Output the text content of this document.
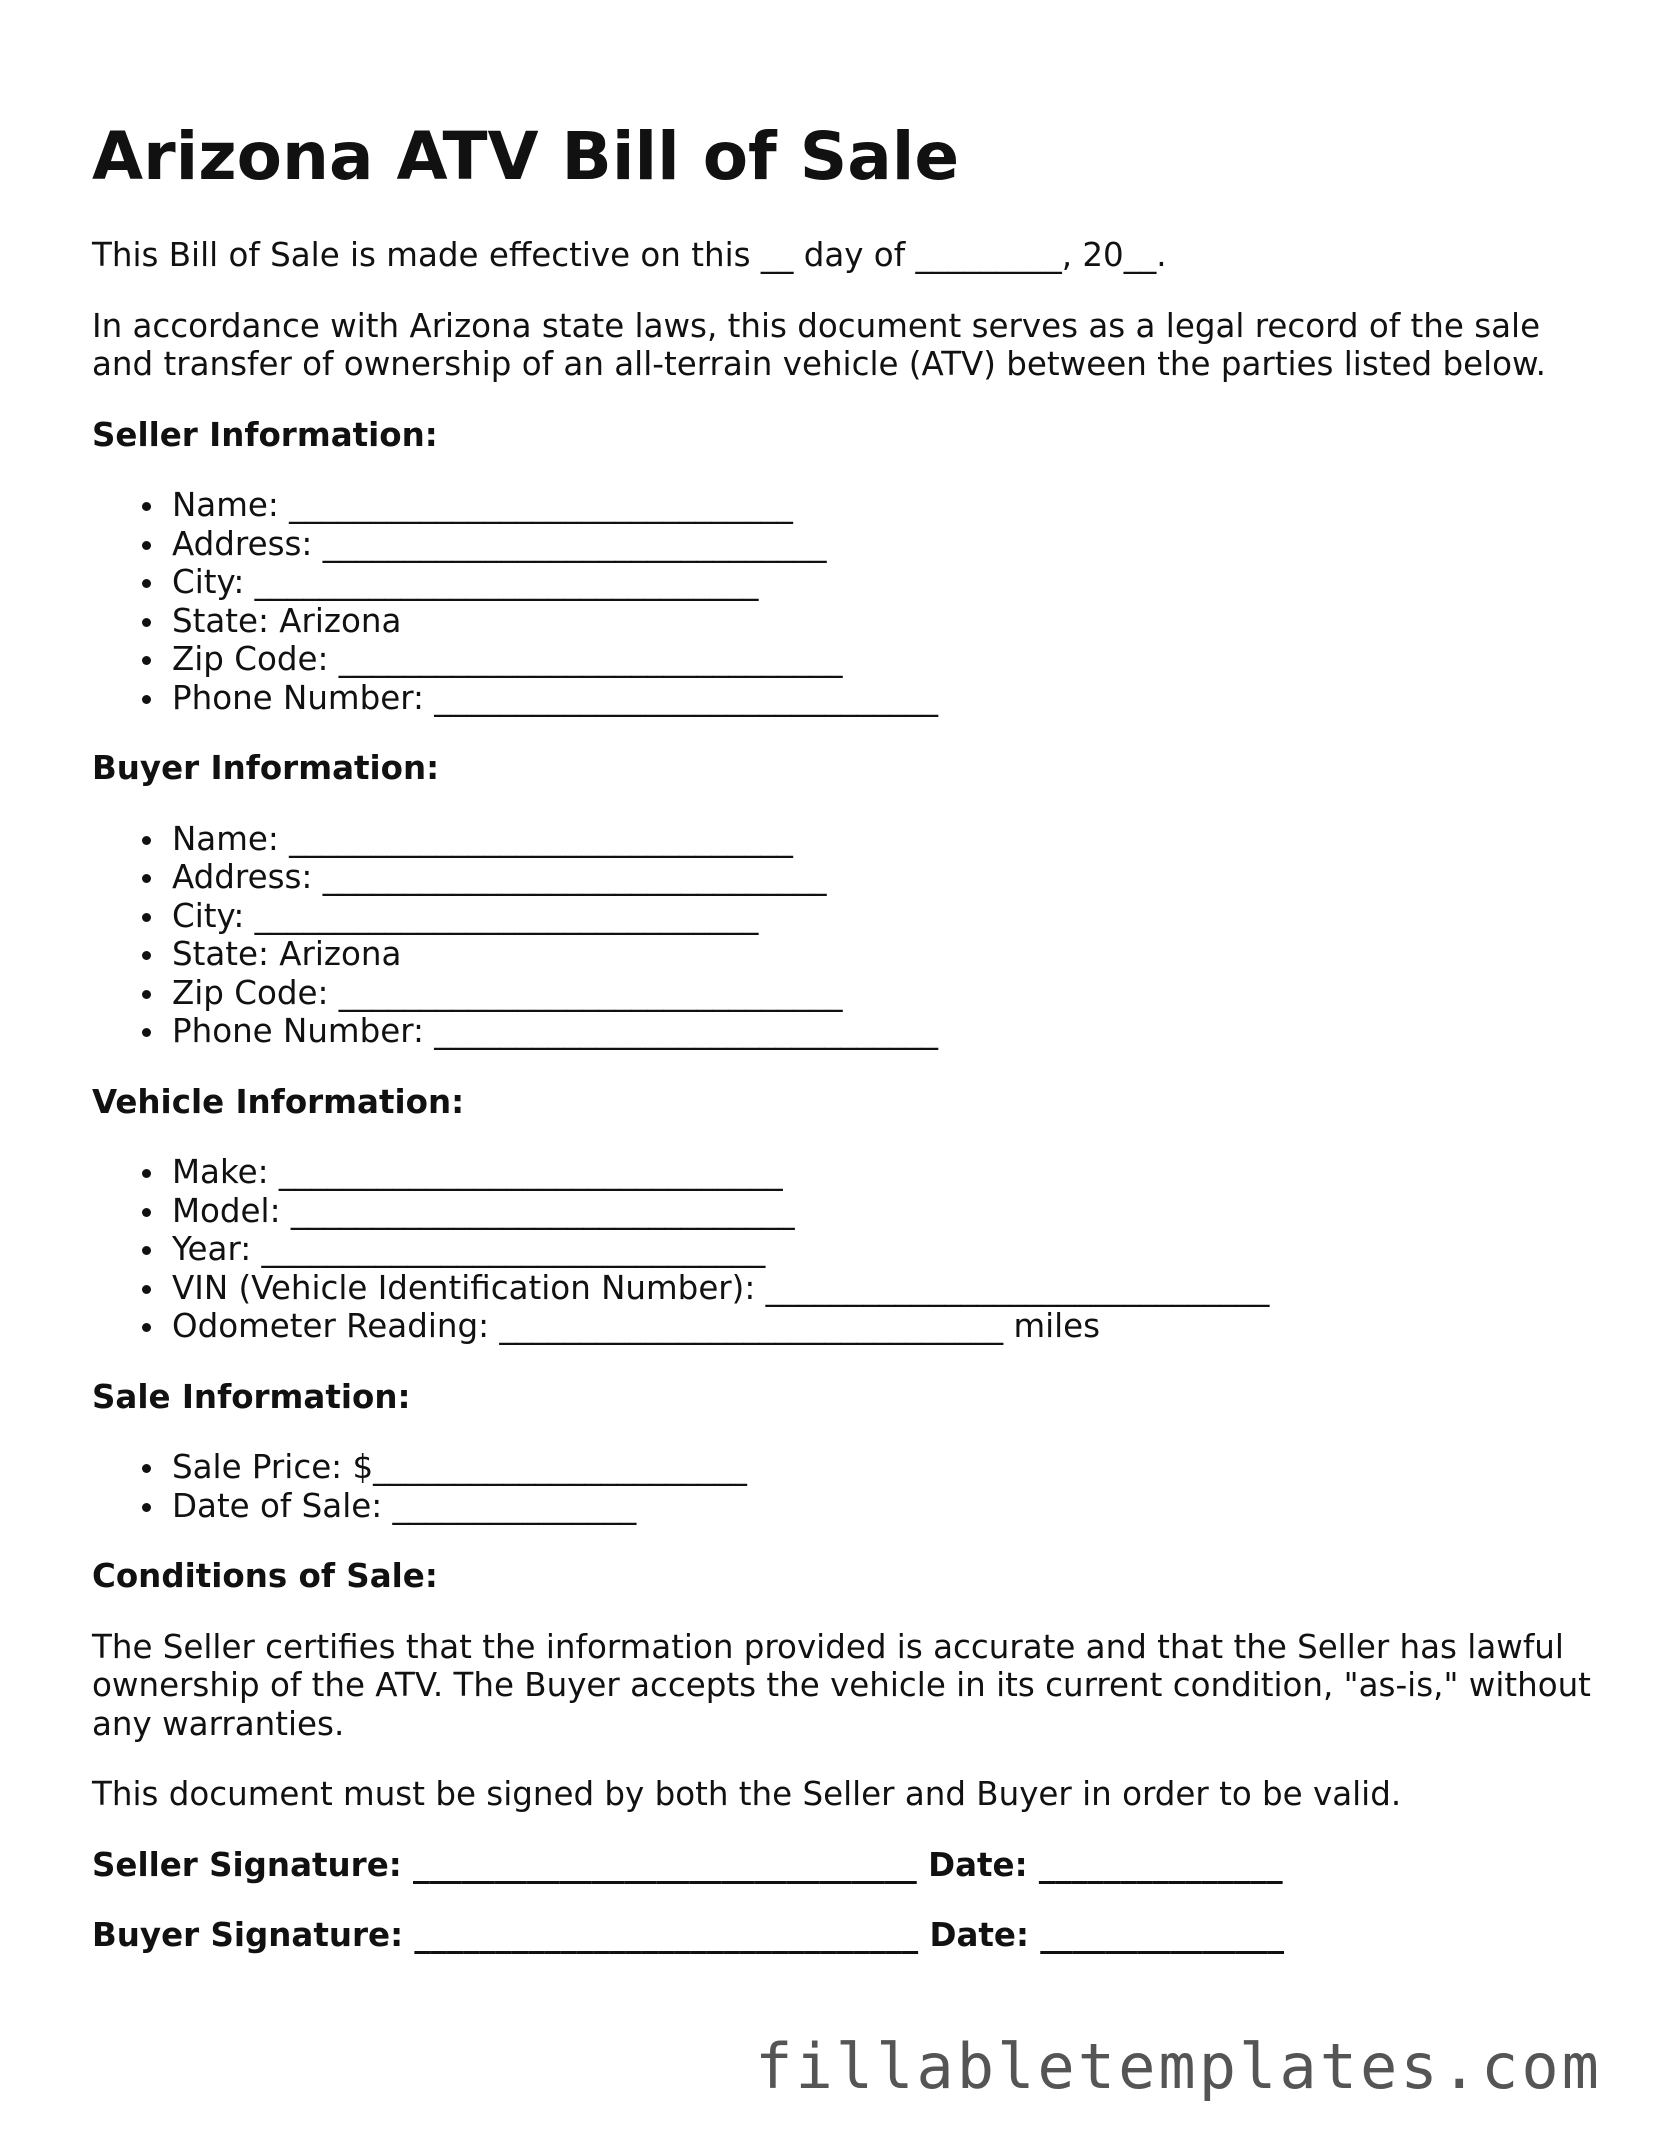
Arizona ATV Bill of Sale

This Bill of Sale is made effective on this __ day of _________, 20__.

In accordance with Arizona state laws, this document serves as a legal record of the sale and transfer of ownership of an all-terrain vehicle (ATV) between the parties listed below.

Seller Information:
Name: _______________________________
Address: _______________________________
City: _______________________________
State: Arizona
Zip Code: _______________________________
Phone Number: _______________________________
Buyer Information:
Name: _______________________________
Address: _______________________________
City: _______________________________
State: Arizona
Zip Code: _______________________________
Phone Number: _______________________________
Vehicle Information:
Make: _______________________________
Model: _______________________________
Year: _______________________________
VIN (Vehicle Identification Number): _______________________________
Odometer Reading: _______________________________ miles
Sale Information:
Sale Price: $_______________________
Date of Sale: _______________
Conditions of Sale:

The Seller certifies that the information provided is accurate and that the Seller has lawful ownership of the ATV. The Buyer accepts the vehicle in its current condition, "as-is," without any warranties.

This document must be signed by both the Seller and Buyer in order to be valid.

Seller Signature: _______________________________ Date: _______________
Buyer Signature: _______________________________ Date: _______________
fillabletemplates.com
